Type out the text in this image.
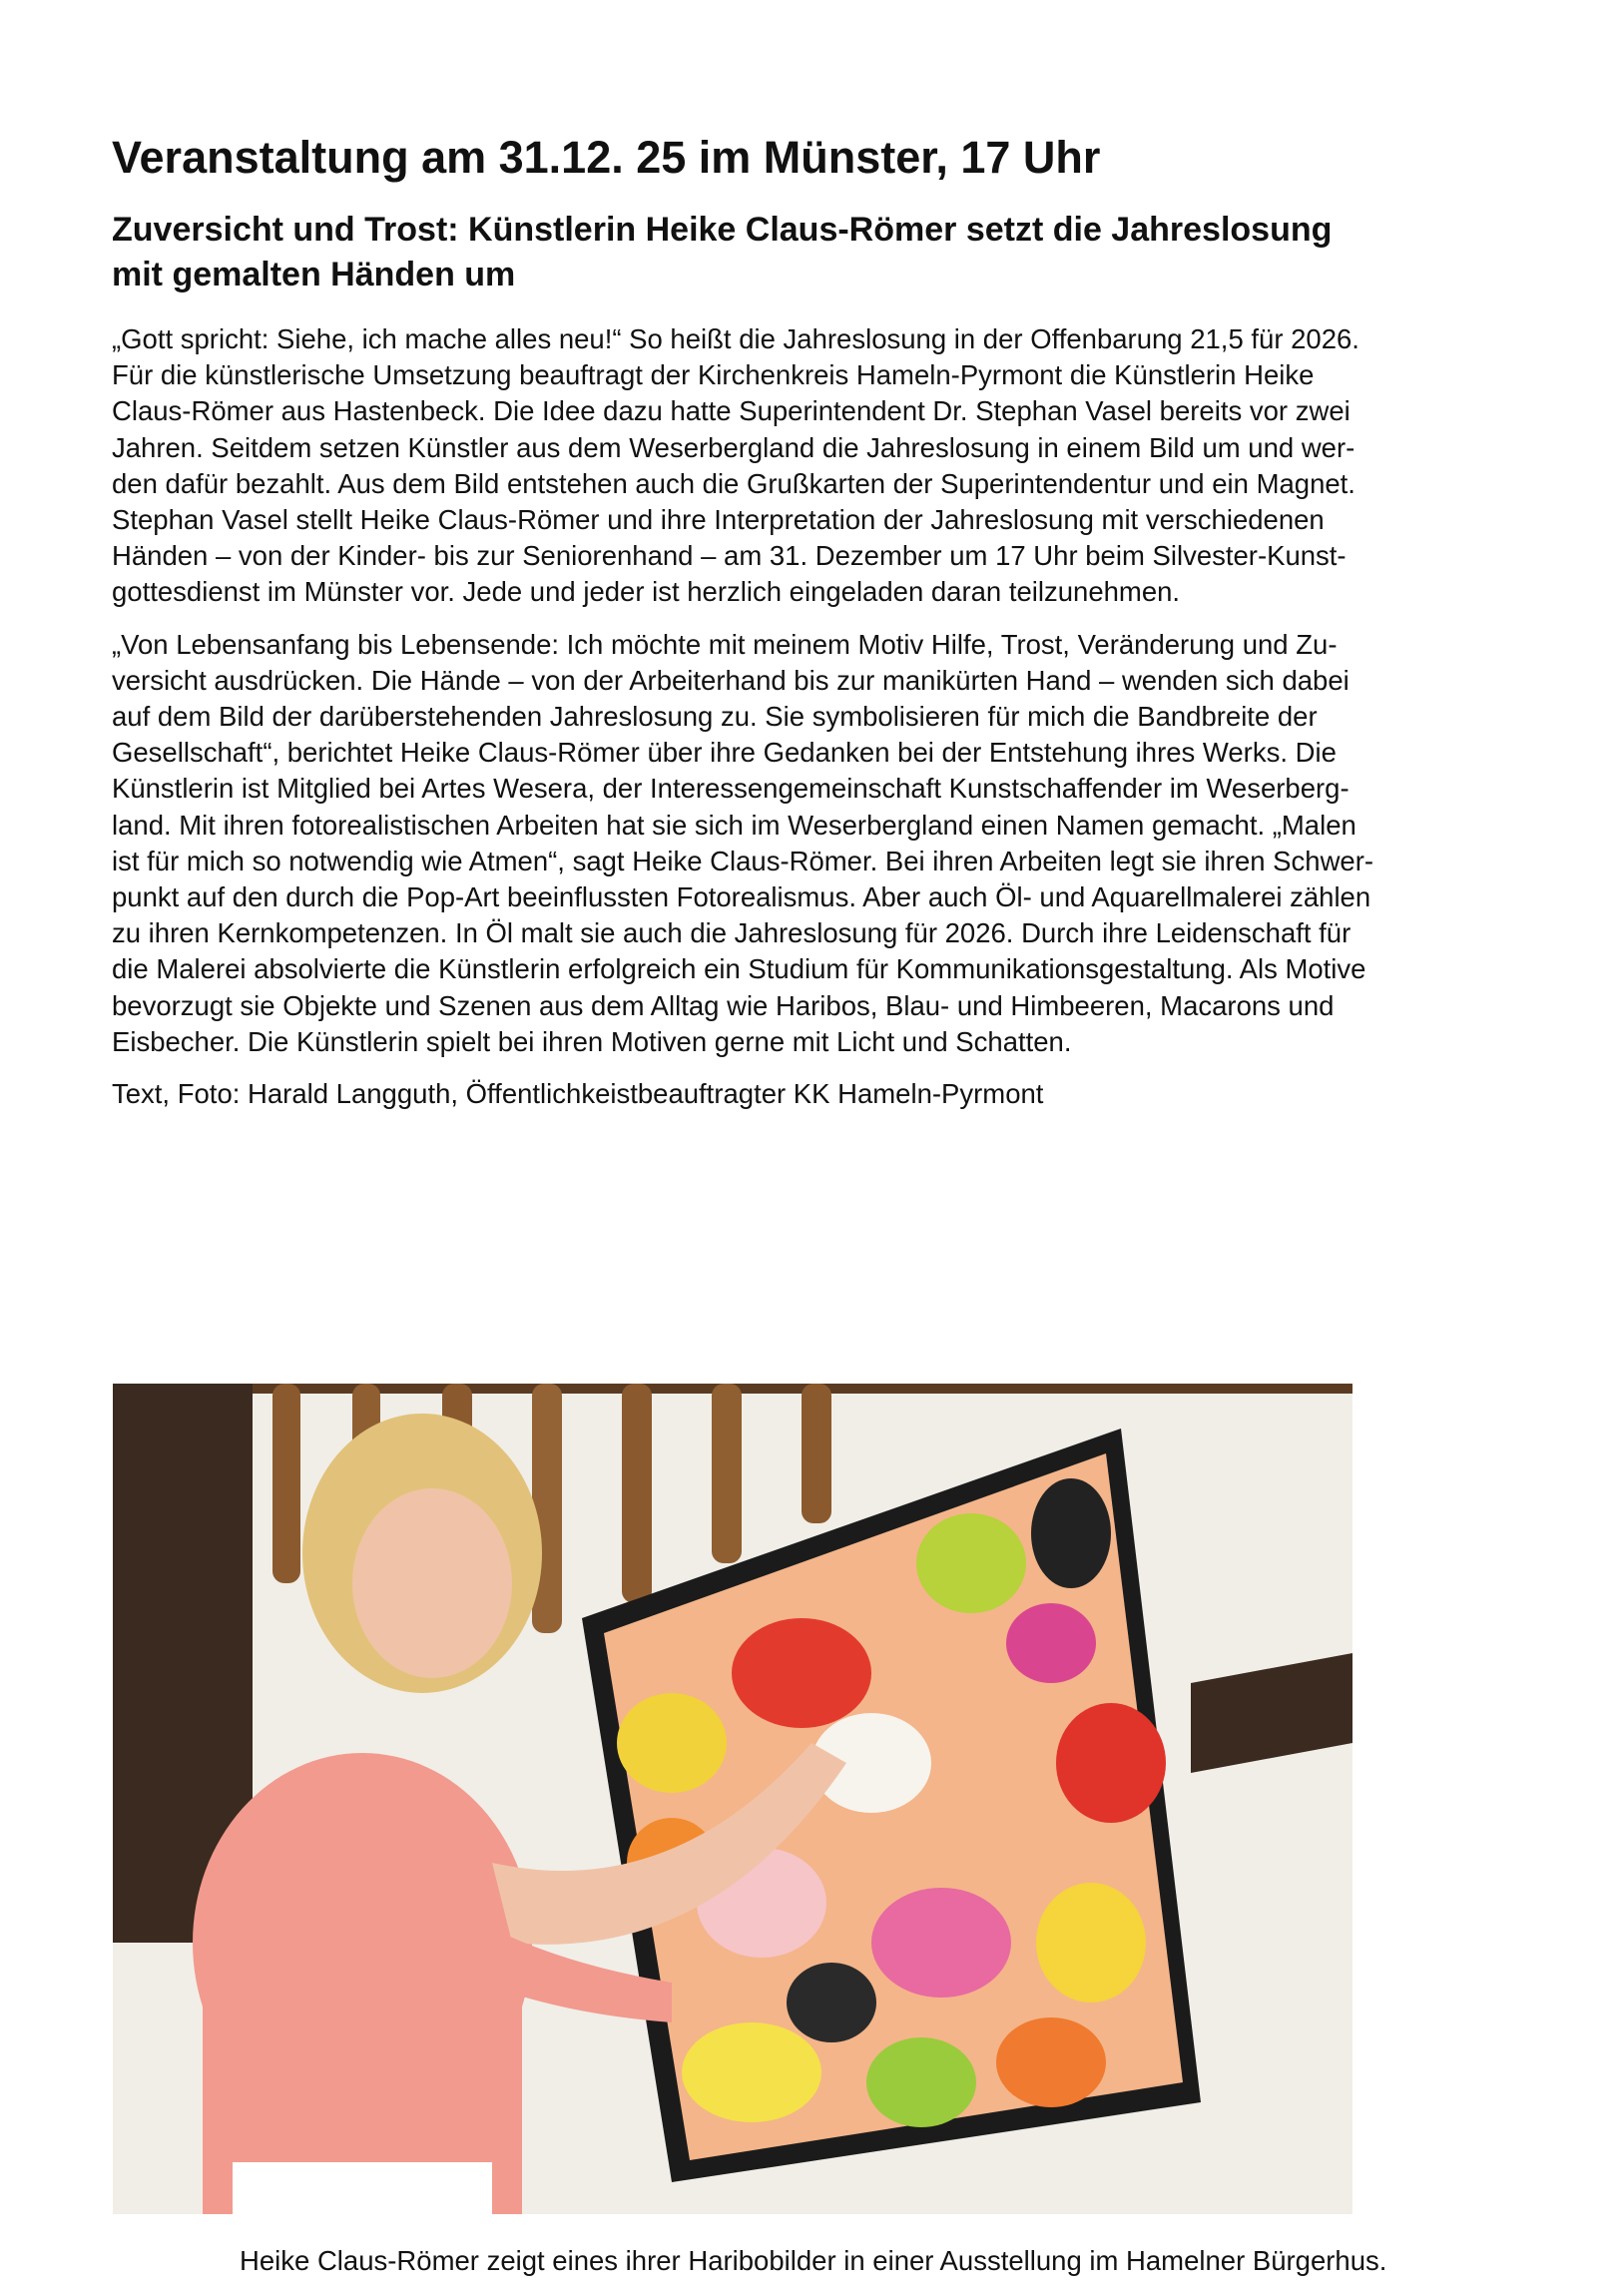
Veranstaltung am 31.12. 25 im Münster, 17 Uhr
Zuversicht und Trost: Künstlerin Heike Claus-Römer setzt die Jahreslosung
mit gemalten Händen um

„Gott spricht: Siehe, ich mache alles neu!“ So heißt die Jahreslosung in der Offenbarung 21,5 für 2026.
Für die künstlerische Umsetzung beauftragt der Kirchenkreis Hameln-Pyrmont die Künstlerin Heike
Claus-Römer aus Hastenbeck. Die Idee dazu hatte Superintendent Dr. Stephan Vasel bereits vor zwei
Jahren. Seitdem setzen Künstler aus dem Weserbergland die Jahreslosung in einem Bild um und wer-
den dafür bezahlt. Aus dem Bild entstehen auch die Grußkarten der Superintendentur und ein Magnet.
Stephan Vasel stellt Heike Claus-Römer und ihre Interpretation der Jahreslosung mit verschiedenen
Händen – von der Kinder- bis zur Seniorenhand – am 31. Dezember um 17 Uhr beim Silvester-Kunst-
gottesdienst im Münster vor. Jede und jeder ist herzlich eingeladen daran teilzunehmen.

„Von Lebensanfang bis Lebensende: Ich möchte mit meinem Motiv Hilfe, Trost, Veränderung und Zu-
versicht ausdrücken. Die Hände – von der Arbeiterhand bis zur manikürten Hand – wenden sich dabei
auf dem Bild der darüberstehenden Jahreslosung zu. Sie symbolisieren für mich die Bandbreite der
Gesellschaft“, berichtet Heike Claus-Römer über ihre Gedanken bei der Entstehung ihres Werks. Die
Künstlerin ist Mitglied bei Artes Wesera, der Interessengemeinschaft Kunstschaffender im Weserberg-
land. Mit ihren fotorealistischen Arbeiten hat sie sich im Weserbergland einen Namen gemacht. „Malen
ist für mich so notwendig wie Atmen“, sagt Heike Claus-Römer. Bei ihren Arbeiten legt sie ihren Schwer-
punkt auf den durch die Pop-Art beeinflussten Fotorealismus. Aber auch Öl- und Aquarellmalerei zählen
zu ihren Kernkompetenzen. In Öl malt sie auch die Jahreslosung für 2026. Durch ihre Leidenschaft für
die Malerei absolvierte die Künstlerin erfolgreich ein Studium für Kommunikationsgestaltung. Als Motive
bevorzugt sie Objekte und Szenen aus dem Alltag wie Haribos, Blau- und Himbeeren, Macarons und
Eisbecher. Die Künstlerin spielt bei ihren Motiven gerne mit Licht und Schatten.

Text, Foto: Harald Langguth, Öffentlichkeistbeauftragter KK Hameln-Pyrmont

Heike Claus-Römer zeigt eines ihrer Haribobilder in einer Ausstellung im Hamelner Bürgerhus.
